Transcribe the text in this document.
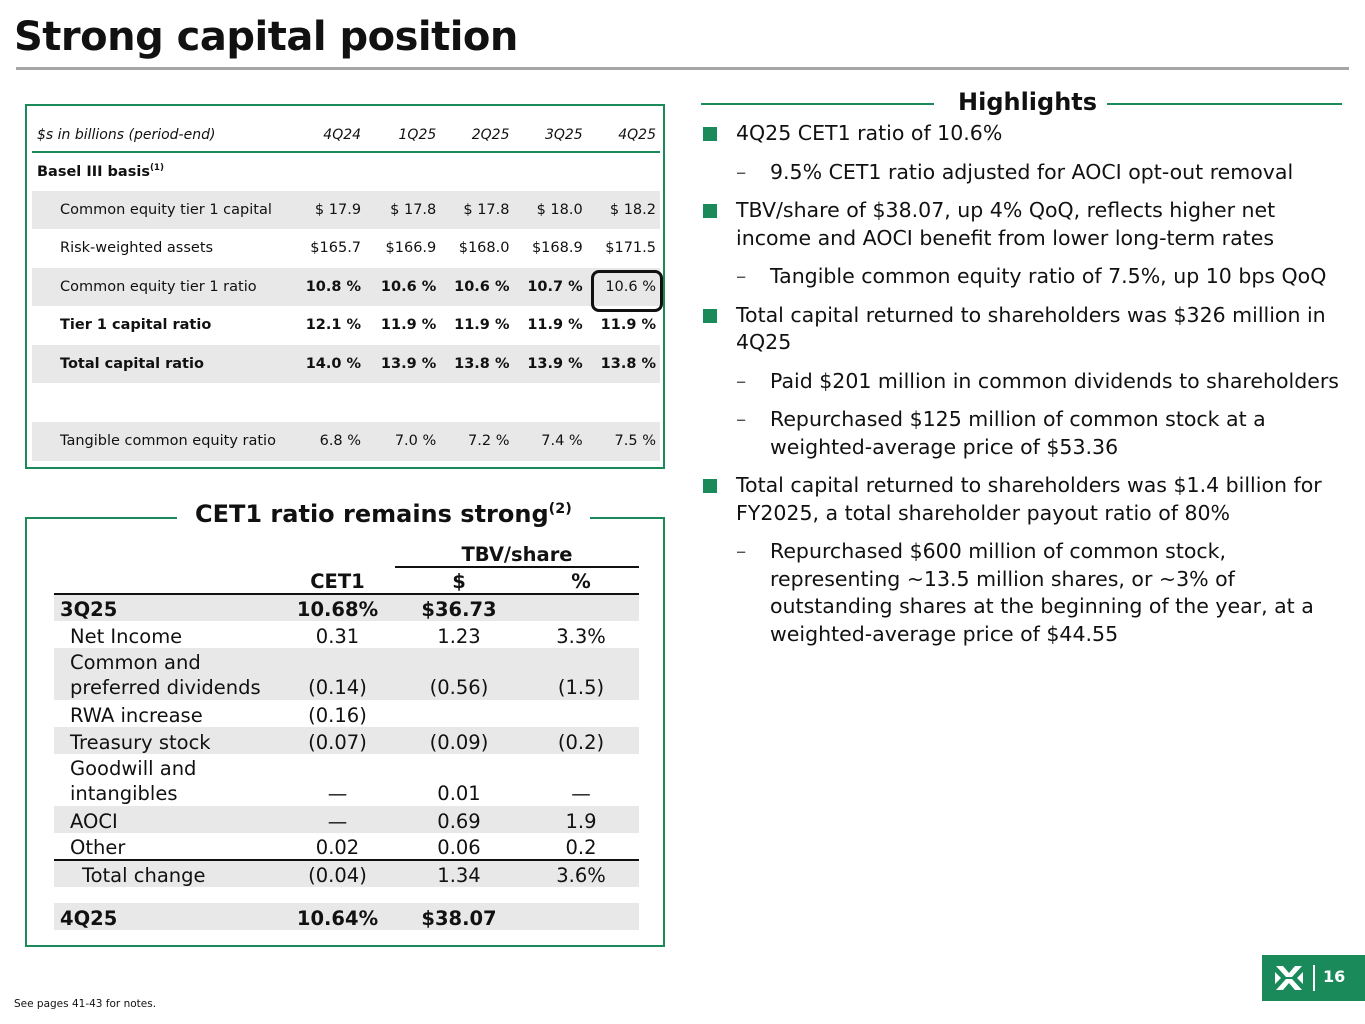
Strong capital position
$s in billions (period-end)	4Q24	1Q25	2Q25	3Q25	4Q25
Basel III basis$^{(1)}$
Common equity tier 1 capital	$ 17.9	$ 17.8	$ 17.8	$ 18.0	$ 18.2
Risk-weighted assets	$165.7	$166.9	$168.0	$168.9	$171.5
Common equity tier 1 ratio	10.8 %	10.6 %	10.6 %	10.7 %	10.6 %
Tier 1 capital ratio	12.1 %	11.9 %	11.9 %	11.9 %	11.9 %
Total capital ratio	14.0 %	13.9 %	13.8 %	13.9 %	13.8 %

Tangible common equity ratio	6.8 %	7.0 %	7.2 %	7.4 %	7.5 %
CET1 ratio remains strong$^{(2)}$
		TBV/share	
	CET1	$	%
3Q25	10.68%	$36.73	
Net Income	0.31	1.23	3.3%

Common and
preferred dividends	(0.14)	(0.56)	(1.5)
RWA increase	(0.16)		
Treasury stock	(0.07)	(0.09)	(0.2)

Goodwill and
intangibles	—	0.01	—
AOCI	—	0.69	1.9
Other	0.02	0.06	0.2
Total change	(0.04)	1.34	3.6%

4Q25	10.64%	$38.07	
Highlights
4Q25 CET1 ratio of 10.6%
– 9.5% CET1 ratio adjusted for AOCI opt-out removal
TBV/share of $38.07, up 4% QoQ, reflects higher net income and AOCI benefit from lower long-term rates
– Tangible common equity ratio of 7.5%, up 10 bps QoQ
Total capital returned to shareholders was $326 million in 4Q25
– Paid $201 million in common dividends to shareholders
– Repurchased $125 million of common stock at a weighted-average price of $53.36
Total capital returned to shareholders was $1.4 billion for FY2025, a total shareholder payout ratio of 80%
– Repurchased $600 million of common stock, representing ~13.5 million shares, or ~3% of outstanding shares at the beginning of the year, at a weighted-average price of $44.55
See pages 41-43 for notes.
16
